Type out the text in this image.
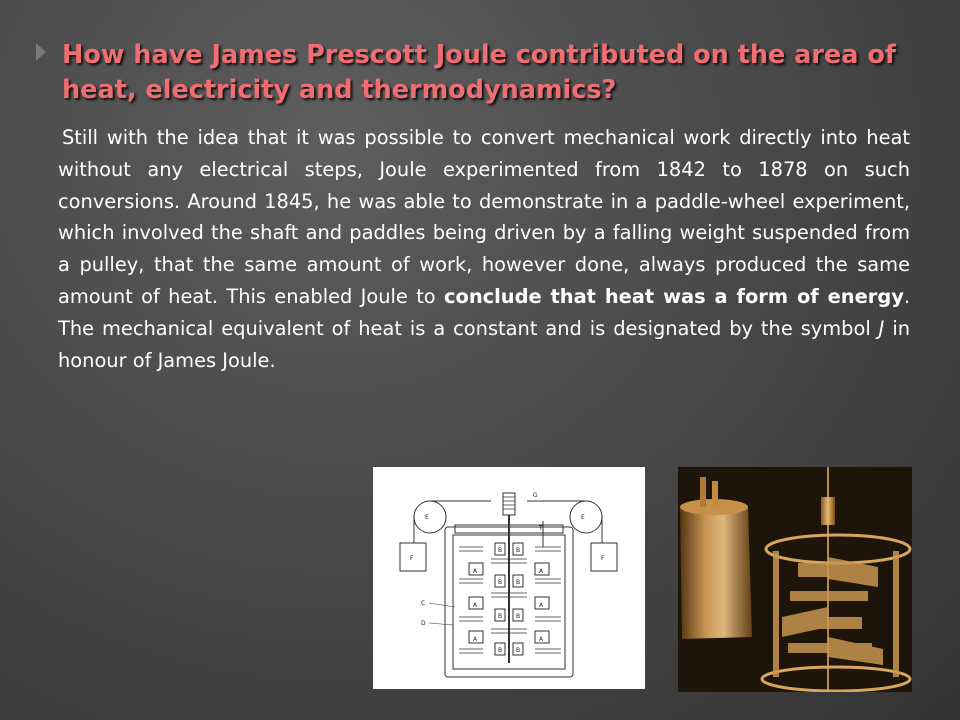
How have James Prescott Joule contributed on the area of heat, electricity and thermodynamics?

Still with the idea that it was possible to convert mechanical work directly into heat without any electrical steps, Joule experimented from 1842 to 1878 on such conversions. Around 1845, he was able to demonstrate in a paddle-wheel experiment, which involved the shaft and paddles being driven by a falling weight suspended from a pulley, that the same amount of work, however done, always produced the same amount of heat. This enabled Joule to conclude that heat was a form of energy. The mechanical equivalent of heat is a constant and is designated by the symbol J in honour of James Joule.

E	E
F	F
G
T
C
D
A	A
A	A
A	A
B B
B B
B B
B B
